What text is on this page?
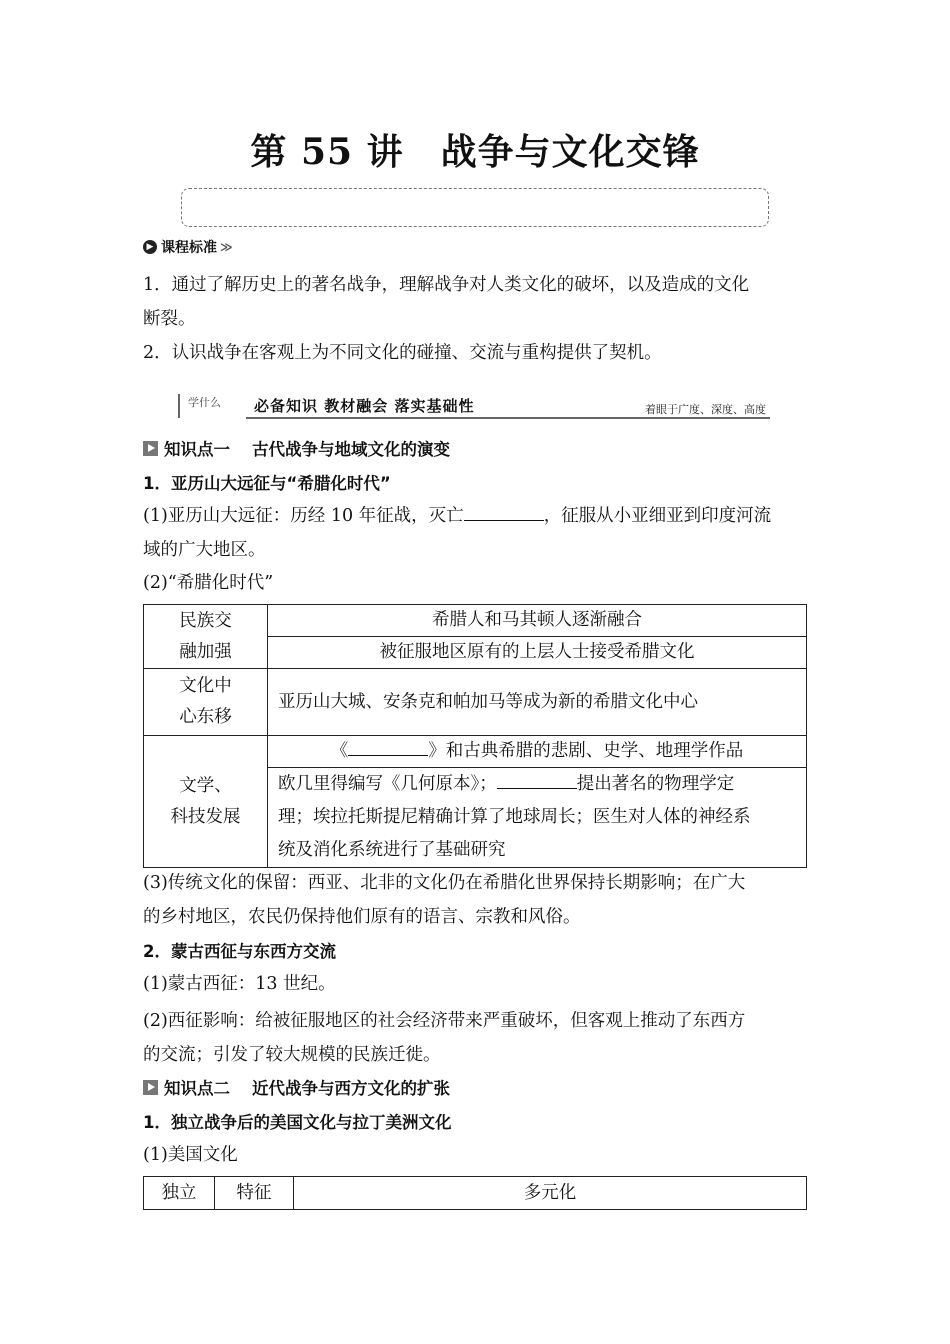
第 55 讲　战争与文化交锋
▶ 课程标准 ≫
1．通过了解历史上的著名战争，理解战争对人类文化的破坏，以及造成的文化
断裂。
2．认识战争在客观上为不同文化的碰撞、交流与重构提供了契机。
学什么	必备知识 教材融会 落实基础性	着眼于广度、深度、高度
知识点一 古代战争与地域文化的演变
1．亚历山大远征与“希腊化时代”
(1)亚历山大远征：历经 10 年征战，灭亡	，征服从小亚细亚到印度河流
域的广大地区。
(2)“希腊化时代”
民族交
融加强	希腊人和马其顿人逐渐融合
	被征服地区原有的上层人士接受希腊文化

文化中
心东移	亚历山大城、安条克和帕加马等成为新的希腊文化中心

文学、
科技发展	《 》和古典希腊的悲剧、史学、地理学作品

	欧几里得编写《几何原本》； 提出著名的物理学定
理；埃拉托斯提尼精确计算了地球周长；医生对人体的神经系
统及消化系统进行了基础研究
(3)传统文化的保留：西亚、北非的文化仍在希腊化世界保持长期影响；在广大
的乡村地区，农民仍保持他们原有的语言、宗教和风俗。
2．蒙古西征与东西方交流
(1)蒙古西征：13 世纪。
(2)西征影响：给被征服地区的社会经济带来严重破坏，但客观上推动了东西方
的交流；引发了较大规模的民族迁徙。
知识点二 近代战争与西方文化的扩张
1．独立战争后的美国文化与拉丁美洲文化
(1)美国文化
独立	特征	多元化
